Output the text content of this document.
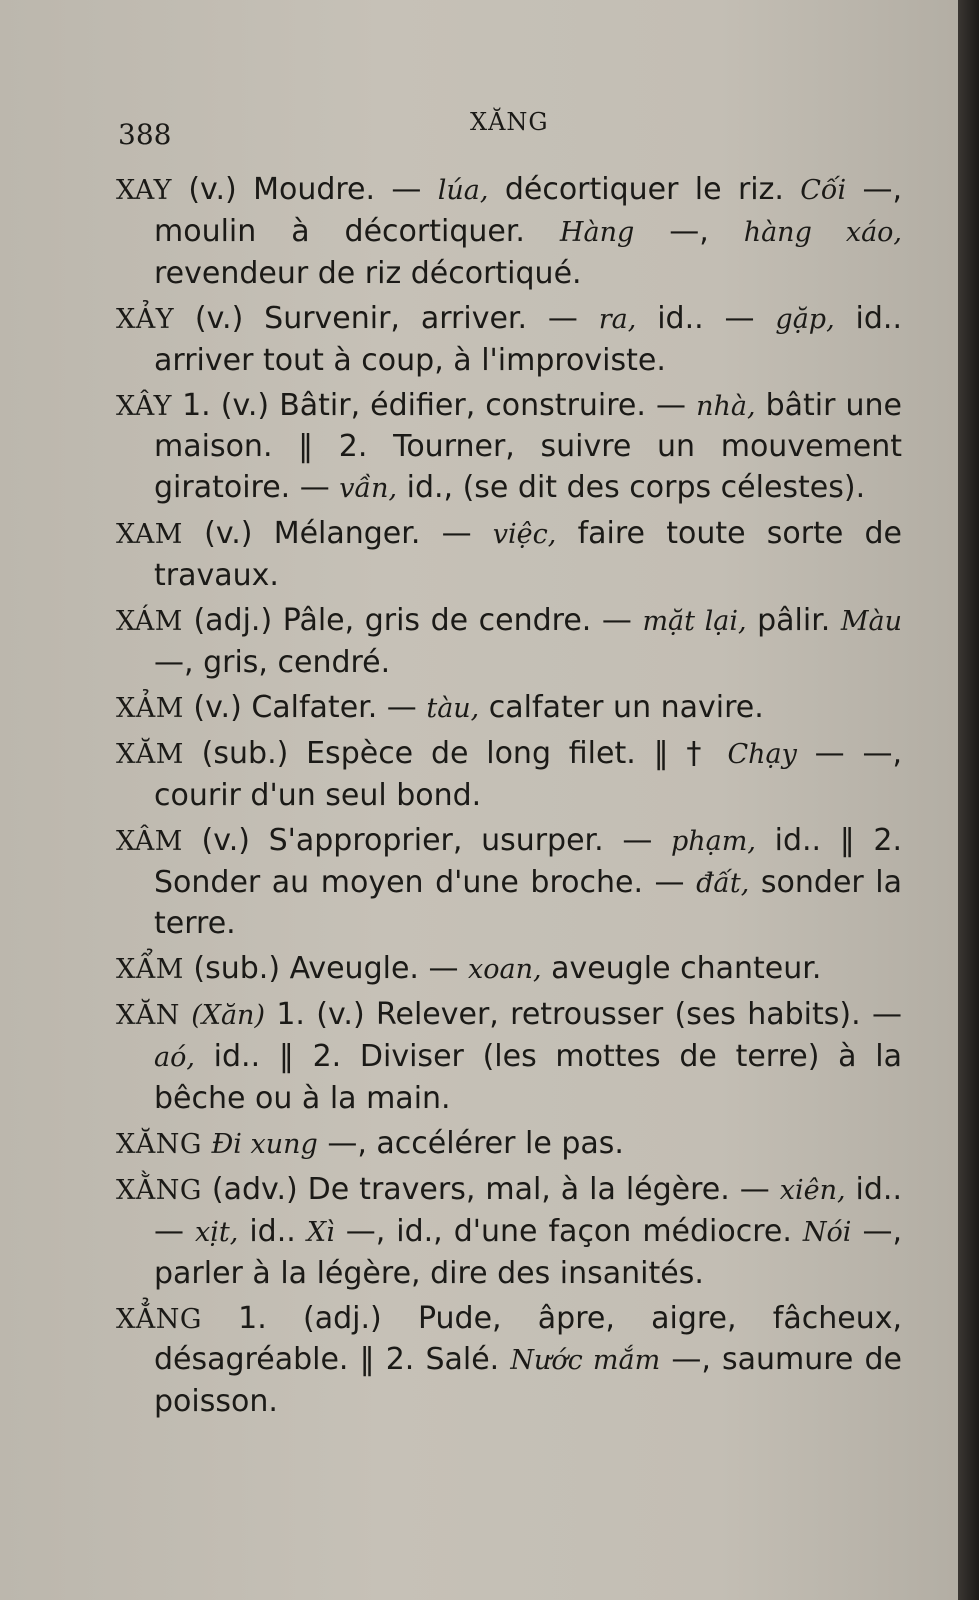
388	XĂNG

XAY (v.) Moudre. — lúa, décortiquer le riz. Cối —, moulin à décortiquer. Hàng —, hàng xáo, revendeur de riz décortiqué.

XẢY (v.) Survenir, arriver. — ra, id.. — gặp, id.. arriver tout à coup, à l'improviste.

XÂY 1. (v.) Bâtir, édifier, construire. — nhà, bâtir une maison. ‖ 2. Tourner, suivre un mouvement giratoire. — vần, id., (se dit des corps célestes).

XAM (v.) Mélanger. — việc, faire toute sorte de travaux.

XÁM (adj.) Pâle, gris de cendre. — mặt lại, pâlir. Màu —, gris, cendré.

XẢM (v.) Calfater. — tàu, calfater un navire.

XĂM (sub.) Espèce de long filet. ‖ † Chạy — —, courir d'un seul bond.

XÂM (v.) S'approprier, usurper. — phạm, id.. ‖ 2. Sonder au moyen d'une broche. — đất, sonder la terre.

XẨM (sub.) Aveugle. — xoan, aveugle chanteur.

XĂN (Xăn) 1. (v.) Relever, retrousser (ses habits). — aó, id.. ‖ 2. Diviser (les mottes de terre) à la bêche ou à la main.

XĂNG Đi xung —, accélérer le pas.

XẰNG (adv.) De travers, mal, à la légère. — xiên, id.. — xịt, id.. Xì —, id., d'une façon médiocre. Nói —, parler à la légère, dire des insanités.

XẲNG 1. (adj.) Pude, âpre, aigre, fâcheux, désagréable. ‖ 2. Salé. Nước mắm —, saumure de poisson.
